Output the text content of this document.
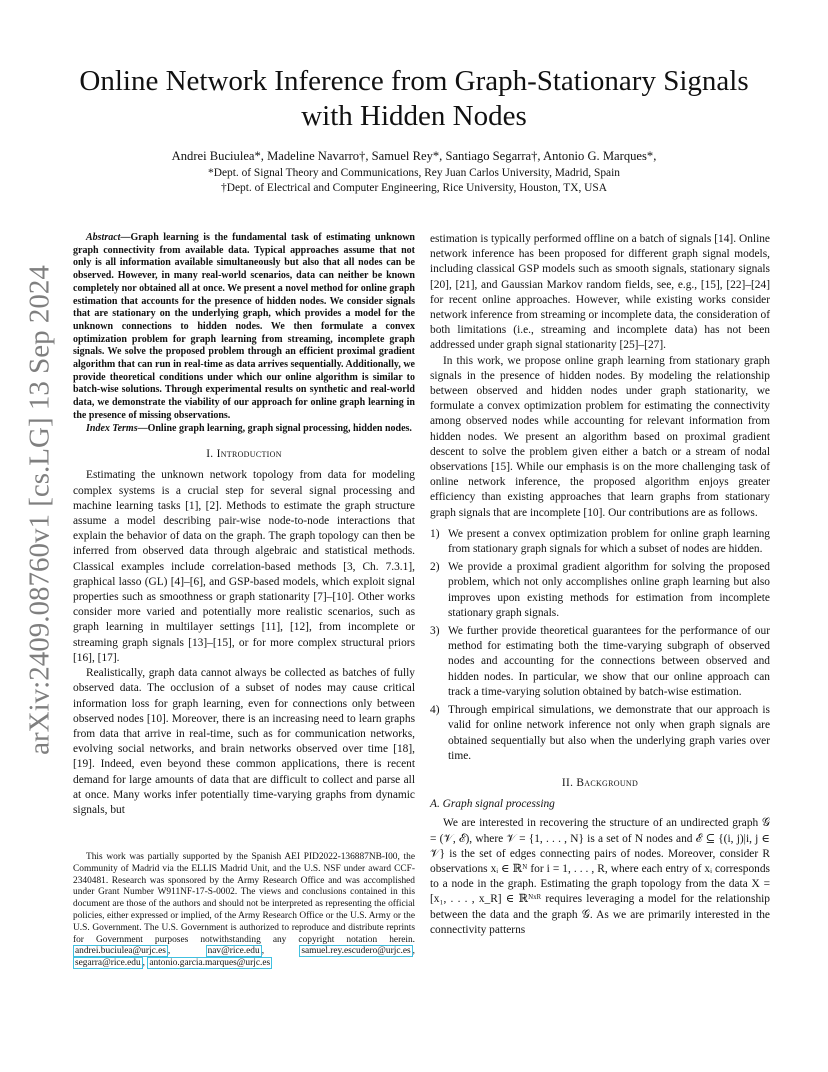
arXiv:2409.08760v1 [cs.LG] 13 Sep 2024
Online Network Inference from Graph-Stationary Signals
with Hidden Nodes
Andrei Buciulea*, Madeline Navarro†, Samuel Rey*, Santiago Segarra†, Antonio G. Marques*,
*Dept. of Signal Theory and Communications, Rey Juan Carlos University, Madrid, Spain
†Dept. of Electrical and Computer Engineering, Rice University, Houston, TX, USA

Abstract—Graph learning is the fundamental task of estimating unknown graph connectivity from available data. Typical approaches assume that not only is all information available simultaneously but also that all nodes can be observed. However, in many real-world scenarios, data can neither be known completely nor obtained all at once. We present a novel method for online graph estimation that accounts for the presence of hidden nodes. We consider signals that are stationary on the underlying graph, which provides a model for the unknown connections to hidden nodes. We then formulate a convex optimization problem for graph learning from streaming, incomplete graph signals. We solve the proposed problem through an efficient proximal gradient algorithm that can run in real-time as data arrives sequentially. Additionally, we provide theoretical conditions under which our online algorithm is similar to batch-wise solutions. Through experimental results on synthetic and real-world data, we demonstrate the viability of our approach for online graph learning in the presence of missing observations.

Index Terms—Online graph learning, graph signal processing, hidden nodes.

I. Introduction

Estimating the unknown network topology from data for modeling complex systems is a crucial step for several signal processing and machine learning tasks [1], [2]. Methods to estimate the graph structure assume a model describing pair-wise node-to-node interactions that explain the behavior of data on the graph. The graph topology can then be inferred from observed data through algebraic and statistical methods. Classical examples include correlation-based methods [3, Ch. 7.3.1], graphical lasso (GL) [4]–[6], and GSP-based models, which exploit signal properties such as smoothness or graph stationarity [7]–[10]. Other works consider more varied and potentially more realistic scenarios, such as graph learning in multilayer settings [11], [12], from incomplete or streaming graph signals [13]–[15], or for more complex structural priors [16], [17].

Realistically, graph data cannot always be collected as batches of fully observed data. The occlusion of a subset of nodes may cause critical information loss for graph learning, even for connections only between observed nodes [10]. Moreover, there is an increasing need to learn graphs from data that arrive in real-time, such as for communication networks, evolving social networks, and brain networks observed over time [18], [19]. Indeed, even beyond these common applications, there is recent demand for large amounts of data that are difficult to collect and parse all at once. Many works infer potentially time-varying graphs from dynamic signals, but

This work was partially supported by the Spanish AEI PID2022-136887NB-I00, the Community of Madrid via the ELLIS Madrid Unit, and the U.S. NSF under award CCF-2340481. Research was sponsored by the Army Research Office and was accomplished under Grant Number W911NF-17-S-0002. The views and conclusions contained in this document are those of the authors and should not be interpreted as representing the official policies, either expressed or implied, of the Army Research Office or the U.S. Army or the U.S. Government. The U.S. Government is authorized to reproduce and distribute reprints for Government purposes notwithstanding any copyright notation herein. andrei.buciulea@urjc.es , nav@rice.edu , samuel.rey.escudero@urjc.es , segarra@rice.edu , antonio.garcia.marques@urjc.es

estimation is typically performed offline on a batch of signals [14]. Online network inference has been proposed for different graph signal models, including classical GSP models such as smooth signals, stationary signals [20], [21], and Gaussian Markov random fields, see, e.g., [15], [22]–[24] for recent online approaches. However, while existing works consider network inference from streaming or incomplete data, the consideration of both limitations (i.e., streaming and incomplete data) has not been addressed under graph signal stationarity [25]–[27].

In this work, we propose online graph learning from stationary graph signals in the presence of hidden nodes. By modeling the relationship between observed and hidden nodes under graph stationarity, we formulate a convex optimization problem for estimating the connectivity among observed nodes while accounting for relevant information from hidden nodes. We present an algorithm based on proximal gradient descent to solve the problem given either a batch or a stream of nodal observations [15]. While our emphasis is on the more challenging task of online network inference, the proposed algorithm enjoys greater efficiency than existing approaches that learn graphs from stationary graph signals that are incomplete [10]. Our contributions are as follows.

1) We present a convex optimization problem for online graph learning from stationary graph signals for which a subset of nodes are hidden.
2) We provide a proximal gradient algorithm for solving the proposed problem, which not only accomplishes online graph learning but also improves upon existing methods for estimation from incomplete stationary graph signals.
3) We further provide theoretical guarantees for the performance of our method for estimating both the time-varying subgraph of observed nodes and accounting for the connections between observed and hidden nodes. In particular, we show that our online approach can track a time-varying solution obtained by batch-wise estimation.
4) Through empirical simulations, we demonstrate that our approach is valid for online network inference not only when graph signals are obtained sequentially but also when the underlying graph varies over time.
II. Background
A. Graph signal processing

We are interested in recovering the structure of an undirected graph 𝒢 = (𝒱, ℰ), where 𝒱 = {1, . . . , N} is a set of N nodes and ℰ ⊆ {(i, j)|i, j ∈ 𝒱} is the set of edges connecting pairs of nodes. Moreover, consider R observations xᵢ ∈ ℝᴺ for i = 1, . . . , R, where each entry of xᵢ corresponds to a node in the graph. Estimating the graph topology from the data X = [x₁, . . . , x_R] ∈ ℝᴺˣᴿ requires leveraging a model for the relationship between the data and the graph 𝒢. As we are primarily interested in the connectivity patterns
